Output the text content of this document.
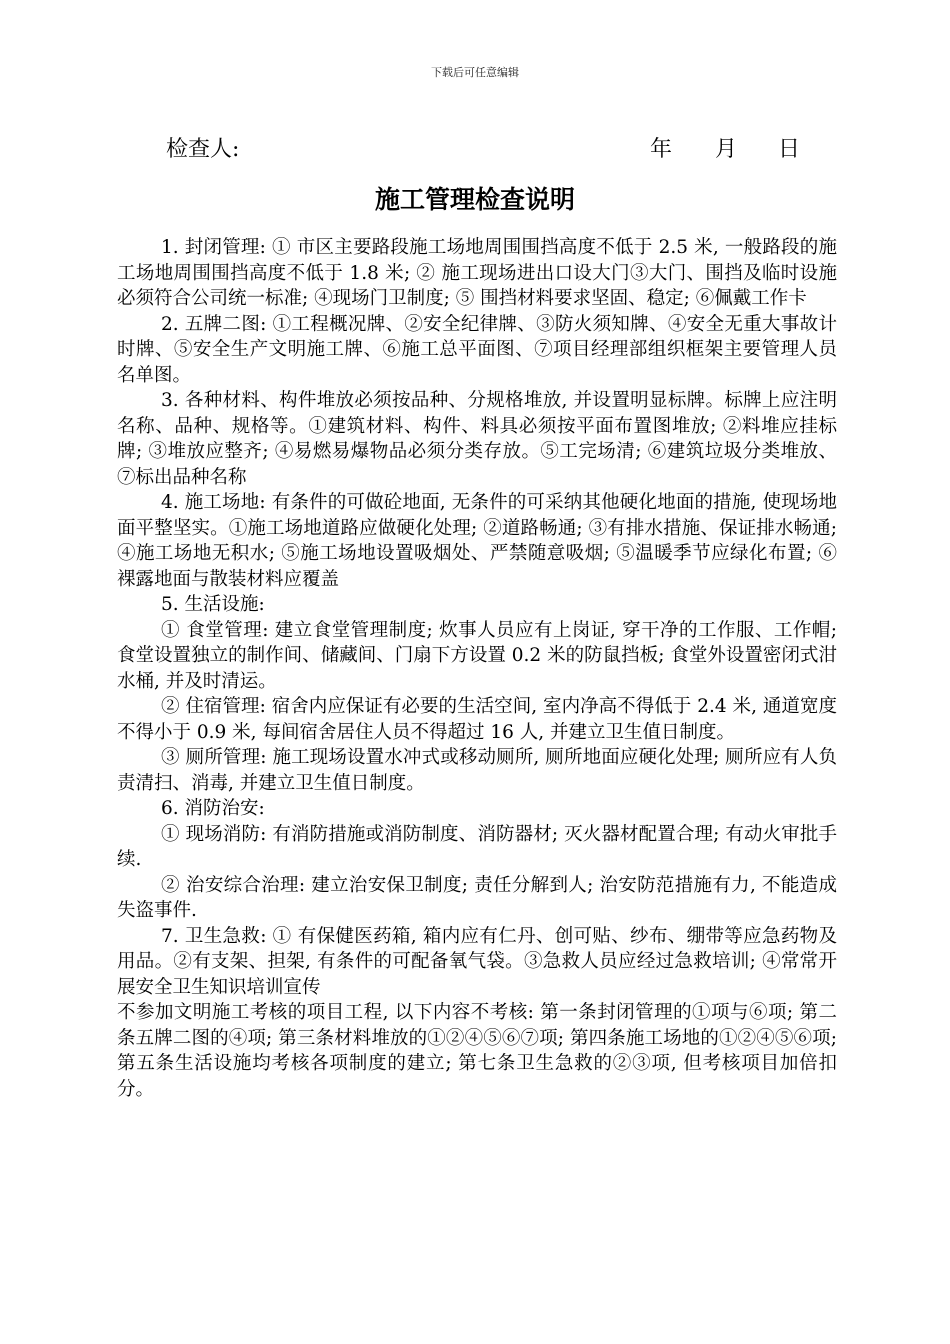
下载后可任意编辑
检查人:	年 月 日
施工管理检查说明

1. 封闭管理: ① 市区主要路段施工场地周围围挡高度不低于 2.5 米, 一般路段的施工场地周围围挡高度不低于 1.8 米; ② 施工现场进出口设大门③大门、围挡及临时设施必须符合公司统一标准; ④现场门卫制度; ⑤ 围挡材料要求坚固、稳定; ⑥佩戴工作卡

2. 五牌二图: ①工程概况牌、②安全纪律牌、③防火须知牌、④安全无重大事故计时牌、⑤安全生产文明施工牌、⑥施工总平面图、⑦项目经理部组织框架主要管理人员名单图。

3. 各种材料、构件堆放必须按品种、分规格堆放, 并设置明显标牌。标牌上应注明名称、品种、规格等。①建筑材料、构件、料具必须按平面布置图堆放; ②料堆应挂标牌; ③堆放应整齐; ④易燃易爆物品必须分类存放。⑤工完场清; ⑥建筑垃圾分类堆放、⑦标出品种名称

4. 施工场地: 有条件的可做砼地面, 无条件的可采纳其他硬化地面的措施, 使现场地面平整坚实。①施工场地道路应做硬化处理; ②道路畅通; ③有排水措施、保证排水畅通; ④施工场地无积水; ⑤施工场地设置吸烟处、严禁随意吸烟; ⑤温暖季节应绿化布置; ⑥裸露地面与散装材料应覆盖

5. 生活设施:

① 食堂管理: 建立食堂管理制度; 炊事人员应有上岗证, 穿干净的工作服、工作帽; 食堂设置独立的制作间、储藏间、门扇下方设置 0.2 米的防鼠挡板; 食堂外设置密闭式泔水桶, 并及时清运。

② 住宿管理: 宿舍内应保证有必要的生活空间, 室内净高不得低于 2.4 米, 通道宽度不得小于 0.9 米, 每间宿舍居住人员不得超过 16 人, 并建立卫生值日制度。

③ 厕所管理: 施工现场设置水冲式或移动厕所, 厕所地面应硬化处理; 厕所应有人负责清扫、消毒, 并建立卫生值日制度。

6. 消防治安:

① 现场消防: 有消防措施或消防制度、消防器材; 灭火器材配置合理; 有动火审批手续.

② 治安综合治理: 建立治安保卫制度; 责任分解到人; 治安防范措施有力, 不能造成失盗事件.

7. 卫生急救: ① 有保健医药箱, 箱内应有仁丹、创可贴、纱布、绷带等应急药物及用品。②有支架、担架, 有条件的可配备氧气袋。③急救人员应经过急救培训; ④常常开展安全卫生知识培训宣传

不参加文明施工考核的项目工程, 以下内容不考核: 第一条封闭管理的①项与⑥项; 第二条五牌二图的④项; 第三条材料堆放的①②④⑤⑥⑦项; 第四条施工场地的①②④⑤⑥项; 第五条生活设施均考核各项制度的建立; 第七条卫生急救的②③项, 但考核项目加倍扣分。
